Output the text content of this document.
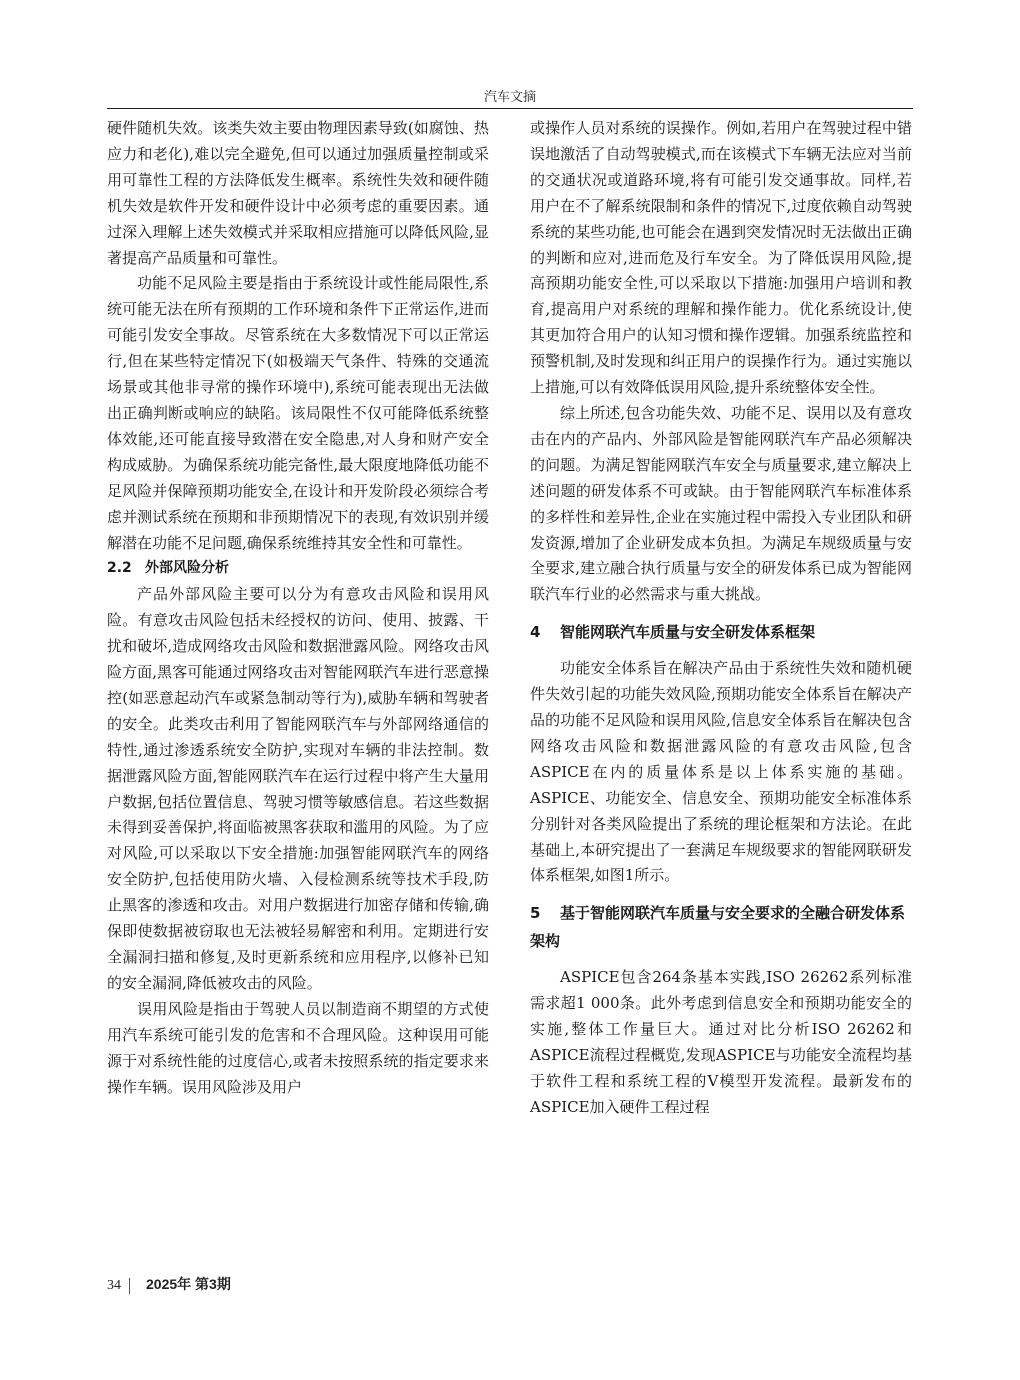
汽车文摘

硬件随机失效。该类失效主要由物理因素导致(如腐蚀、热应力和老化),难以完全避免,但可以通过加强质量控制或采用可靠性工程的方法降低发生概率。系统性失效和硬件随机失效是软件开发和硬件设计中必须考虑的重要因素。通过深入理解上述失效模式并采取相应措施可以降低风险,显著提高产品质量和可靠性。

功能不足风险主要是指由于系统设计或性能局限性,系统可能无法在所有预期的工作环境和条件下正常运作,进而可能引发安全事故。尽管系统在大多数情况下可以正常运行,但在某些特定情况下(如极端天气条件、特殊的交通流场景或其他非寻常的操作环境中),系统可能表现出无法做出正确判断或响应的缺陷。该局限性不仅可能降低系统整体效能,还可能直接导致潜在安全隐患,对人身和财产安全构成威胁。为确保系统功能完备性,最大限度地降低功能不足风险并保障预期功能安全,在设计和开发阶段必须综合考虑并测试系统在预期和非预期情况下的表现,有效识别并缓解潜在功能不足问题,确保系统维持其安全性和可靠性。

2.2 外部风险分析

产品外部风险主要可以分为有意攻击风险和误用风险。有意攻击风险包括未经授权的访问、使用、披露、干扰和破坏,造成网络攻击风险和数据泄露风险。网络攻击风险方面,黑客可能通过网络攻击对智能网联汽车进行恶意操控(如恶意起动汽车或紧急制动等行为),威胁车辆和驾驶者的安全。此类攻击利用了智能网联汽车与外部网络通信的特性,通过渗透系统安全防护,实现对车辆的非法控制。数据泄露风险方面,智能网联汽车在运行过程中将产生大量用户数据,包括位置信息、驾驶习惯等敏感信息。若这些数据未得到妥善保护,将面临被黑客获取和滥用的风险。为了应对风险,可以采取以下安全措施:加强智能网联汽车的网络安全防护,包括使用防火墙、入侵检测系统等技术手段,防止黑客的渗透和攻击。对用户数据进行加密存储和传输,确保即使数据被窃取也无法被轻易解密和利用。定期进行安全漏洞扫描和修复,及时更新系统和应用程序,以修补已知的安全漏洞,降低被攻击的风险。

误用风险是指由于驾驶人员以制造商不期望的方式使用汽车系统可能引发的危害和不合理风险。这种误用可能源于对系统性能的过度信心,或者未按照系统的指定要求来操作车辆。误用风险涉及用户

或操作人员对系统的误操作。例如,若用户在驾驶过程中错误地激活了自动驾驶模式,而在该模式下车辆无法应对当前的交通状况或道路环境,将有可能引发交通事故。同样,若用户在不了解系统限制和条件的情况下,过度依赖自动驾驶系统的某些功能,也可能会在遇到突发情况时无法做出正确的判断和应对,进而危及行车安全。为了降低误用风险,提高预期功能安全性,可以采取以下措施:加强用户培训和教育,提高用户对系统的理解和操作能力。优化系统设计,使其更加符合用户的认知习惯和操作逻辑。加强系统监控和预警机制,及时发现和纠正用户的误操作行为。通过实施以上措施,可以有效降低误用风险,提升系统整体安全性。

综上所述,包含功能失效、功能不足、误用以及有意攻击在内的产品内、外部风险是智能网联汽车产品必须解决的问题。为满足智能网联汽车安全与质量要求,建立解决上述问题的研发体系不可或缺。由于智能网联汽车标准体系的多样性和差异性,企业在实施过程中需投入专业团队和研发资源,增加了企业研发成本负担。为满足车规级质量与安全要求,建立融合执行质量与安全的研发体系已成为智能网联汽车行业的必然需求与重大挑战。

4 智能网联汽车质量与安全研发体系框架

功能安全体系旨在解决产品由于系统性失效和随机硬件失效引起的功能失效风险,预期功能安全体系旨在解决产品的功能不足风险和误用风险,信息安全体系旨在解决包含网络攻击风险和数据泄露风险的有意攻击风险,包含ASPICE在内的质量体系是以上体系实施的基础。ASPICE、功能安全、信息安全、预期功能安全标准体系分别针对各类风险提出了系统的理论框架和方法论。在此基础上,本研究提出了一套满足车规级要求的智能网联研发体系框架,如图1所示。

5 基于智能网联汽车质量与安全要求的全融合研发体系架构

ASPICE包含264条基本实践,ISO 26262系列标准需求超1 000条。此外考虑到信息安全和预期功能安全的实施,整体工作量巨大。通过对比分析ISO 26262和ASPICE流程过程概览,发现ASPICE与功能安全流程均基于软件工程和系统工程的V模型开发流程。最新发布的ASPICE加入硬件工程过程

34 2025年 第3期
